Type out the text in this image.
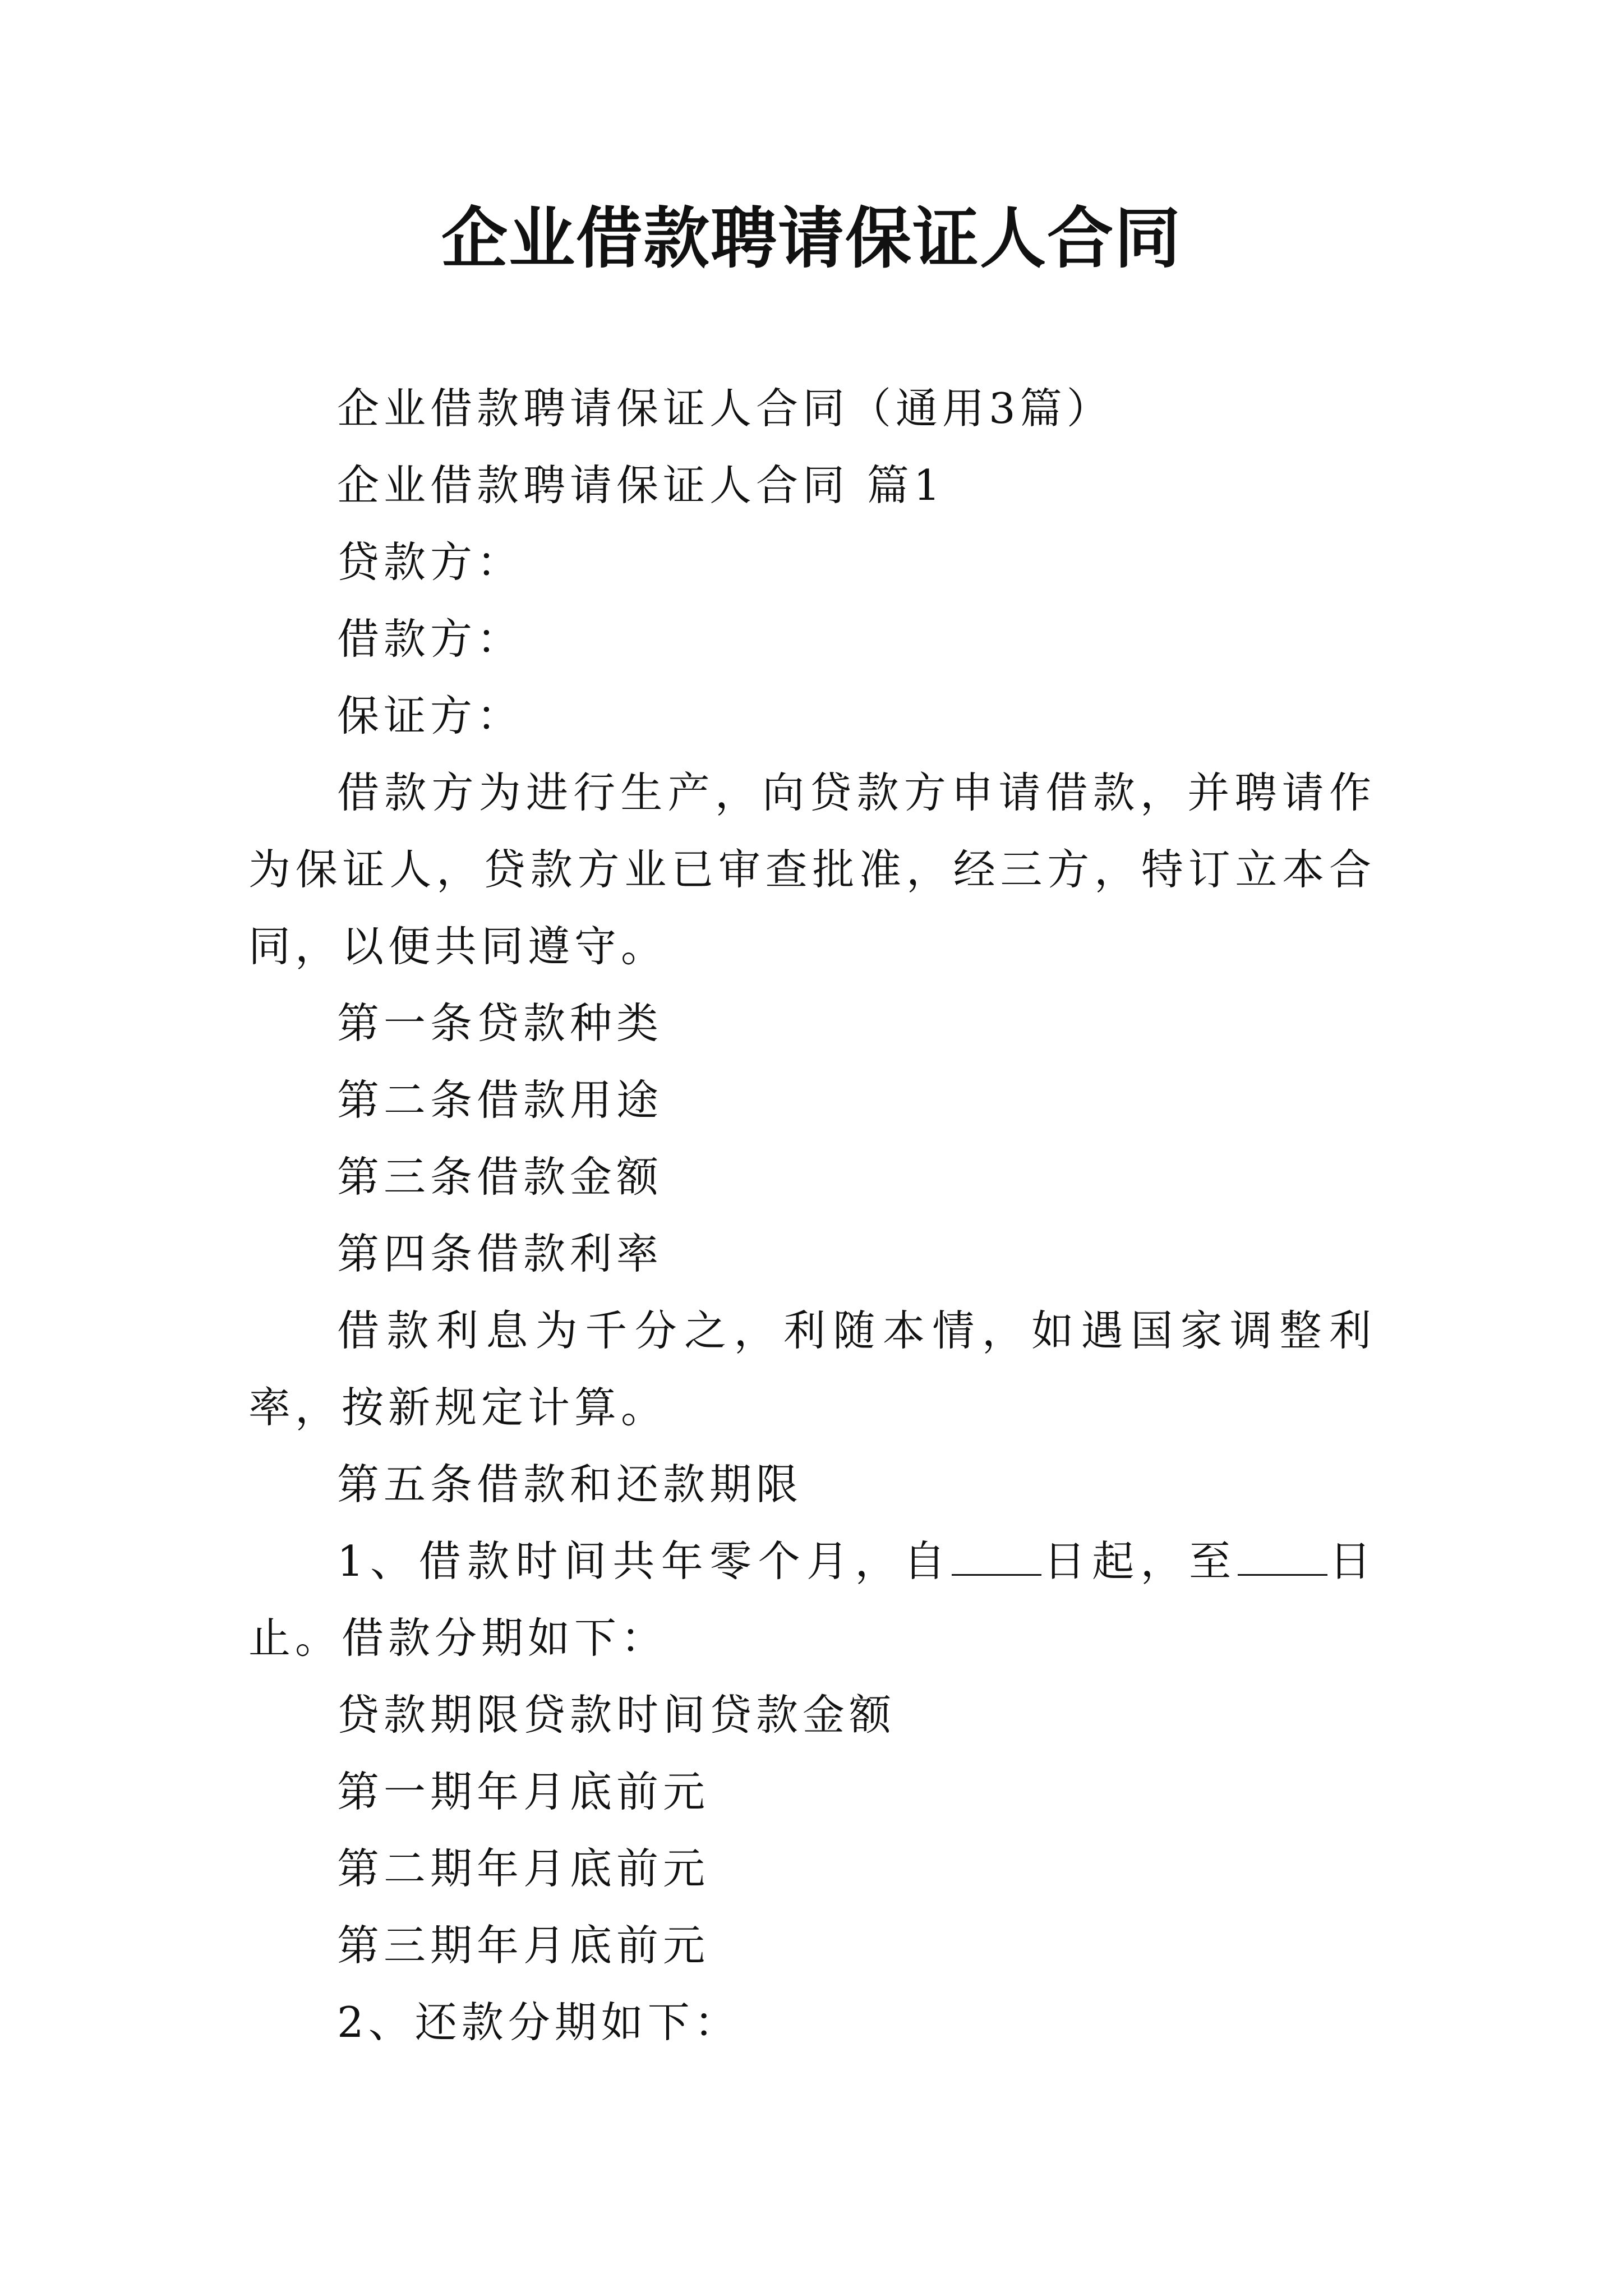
企业借款聘请保证人合同

企业借款聘请保证人合同（通用3篇）

企业借款聘请保证人合同 篇1

贷款方：

借款方：

保证方：

借款方为进行生产，向贷款方申请借款，并聘请作为保证人，贷款方业已审查批准，经三方，特订立本合同，以便共同遵守。

第一条贷款种类

第二条借款用途

第三条借款金额

第四条借款利率

借款利息为千分之，利随本情，如遇国家调整利率，按新规定计算。

第五条借款和还款期限

1、借款时间共年零个月，自 日起，至 日止。借款分期如下：

贷款期限贷款时间贷款金额

第一期年月底前元

第二期年月底前元

第三期年月底前元

2、还款分期如下：
